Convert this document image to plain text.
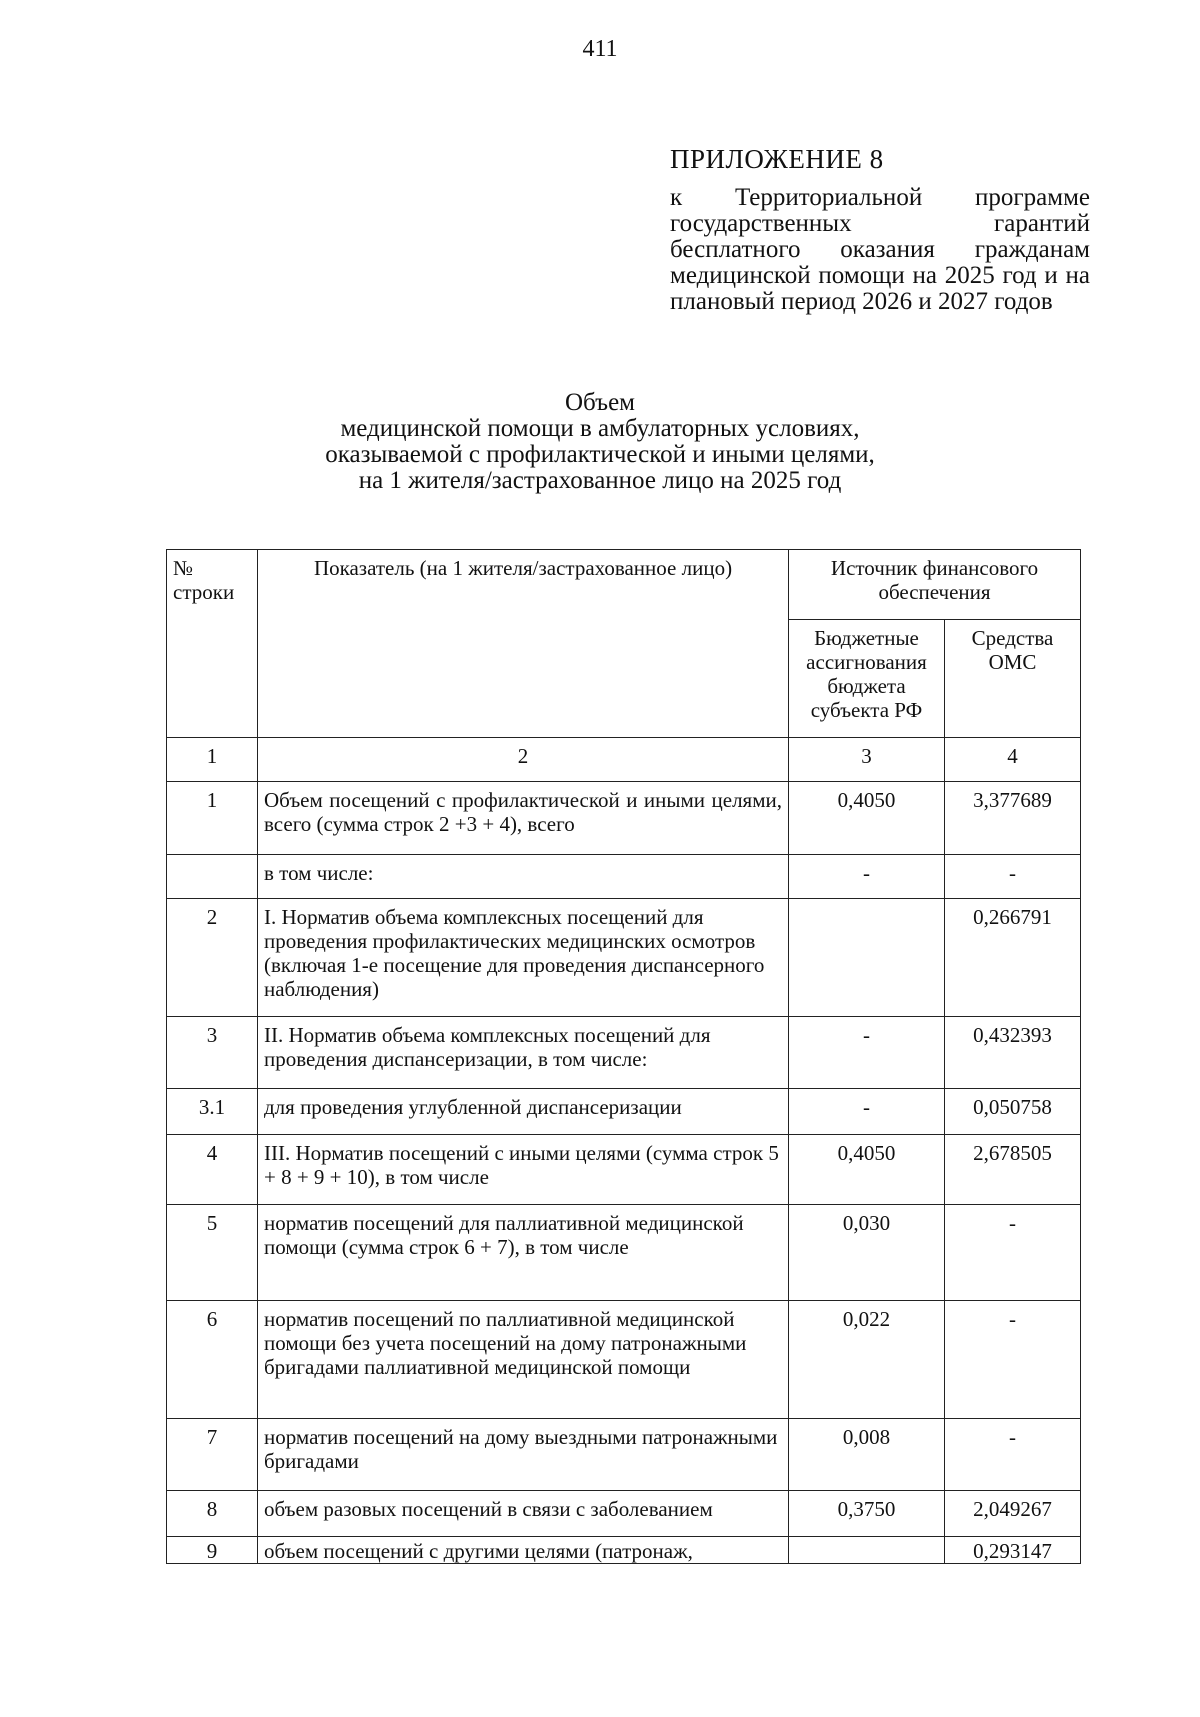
411
ПРИЛОЖЕНИЕ 8
к Территориальной программе государственных гарантий бесплатного оказания гражданам медицинской помощи на 2025 год и на плановый период 2026 и 2027 годов
Объем
медицинской помощи в амбулаторных условиях,
оказываемой с профилактической и иными целями,
на 1 жителя/застрахованное лицо на 2025 год
№ строки	Показатель (на 1 жителя/застрахованное лицо)	Источник финансового обеспечения	
		Бюджетные ассигнования бюджета субъекта РФ	Средства ОМС
1	2	3	4
1	Объем посещений с профилактической и иными целями, всего (сумма строк 2 +3 + 4), всего	0,4050	3,377689
	в том числе:	-	-
2	I. Норматив объема комплексных посещений для проведения профилактических медицинских осмотров (включая 1-е посещение для проведения диспансерного наблюдения)		0,266791
3	II. Норматив объема комплексных посещений для проведения диспансеризации, в том числе:	-	0,432393
3.1	для проведения углубленной диспансеризации	-	0,050758
4	III. Норматив посещений с иными целями (сумма строк 5 + 8 + 9 + 10), в том числе	0,4050	2,678505
5	норматив посещений для паллиативной медицинской помощи (сумма строк 6 + 7), в том числе	0,030	-
6	норматив посещений по паллиативной медицинской помощи без учета посещений на дому патронажными бригадами паллиативной медицинской помощи	0,022	-
7	норматив посещений на дому выездными патронажными бригадами	0,008	-
8	объем разовых посещений в связи с заболеванием	0,3750	2,049267
9	объем посещений с другими целями (патронаж,		0,293147
